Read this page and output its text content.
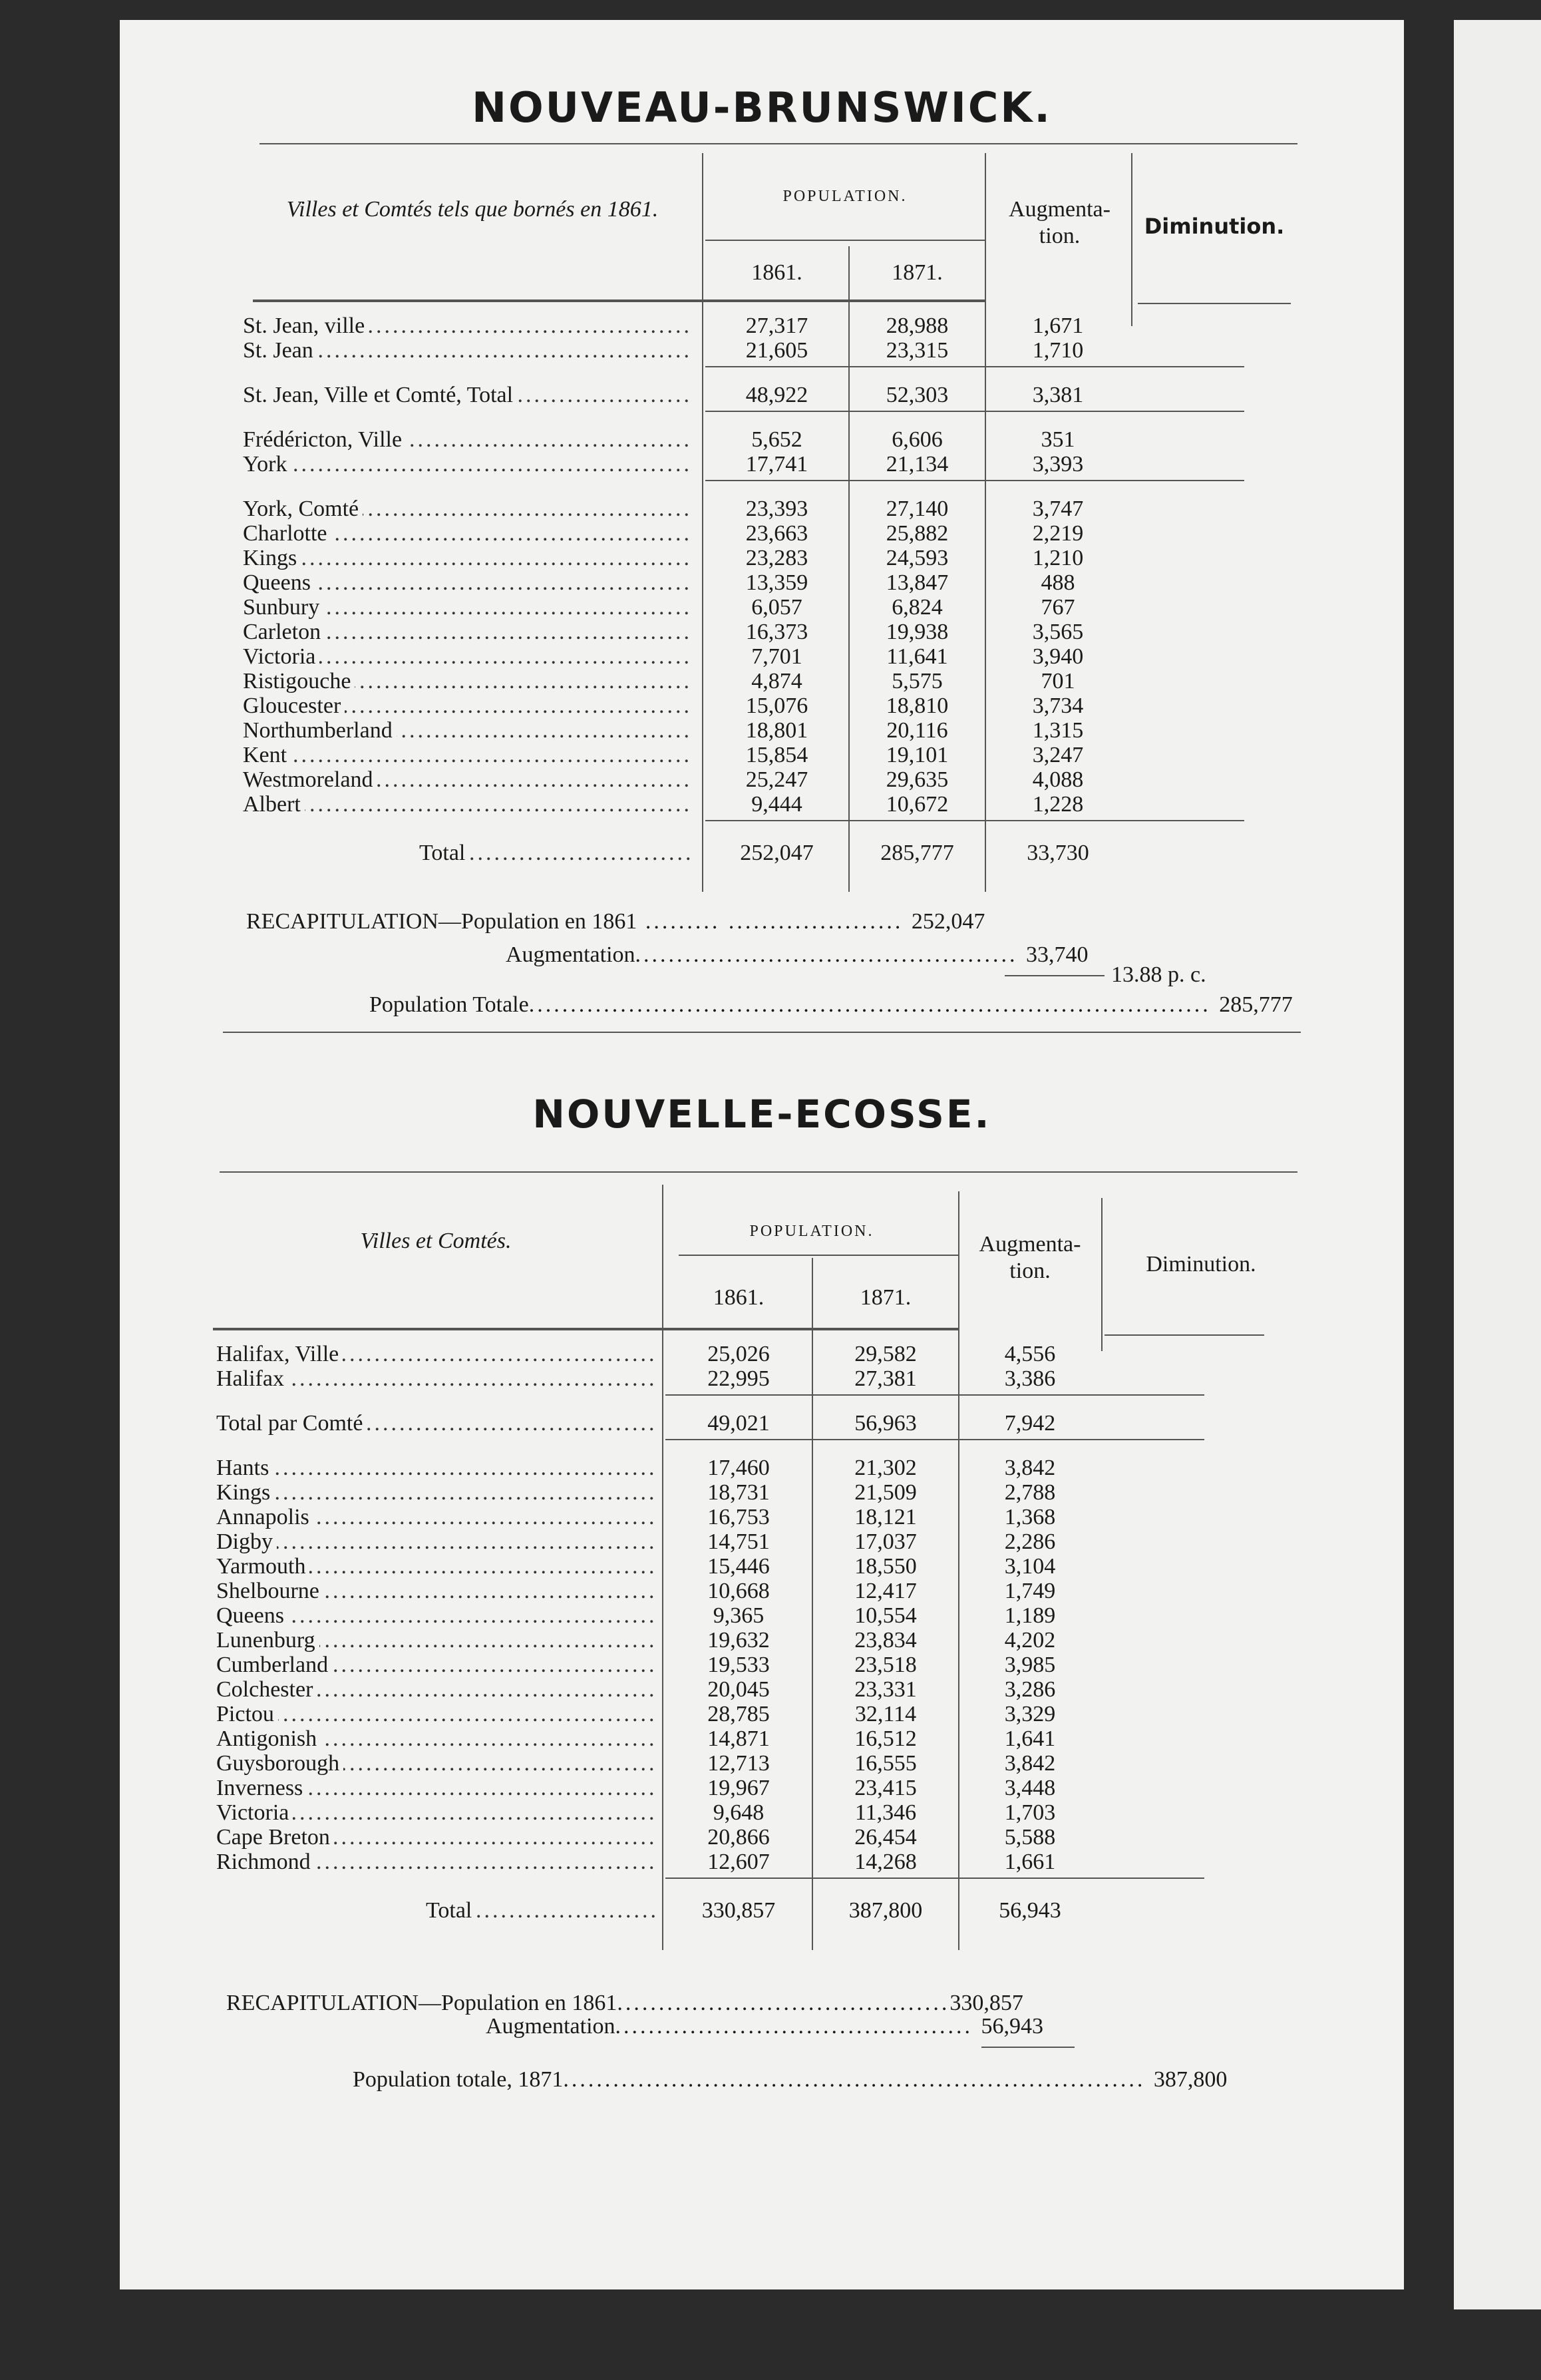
NOUVEAU-BRUNSWICK.
Villes et Comtés tels que bornés en 1861.
POPULATION.
1861.	1871.
Augmenta-
tion.	Diminution.
St. Jean, ville .....	27,317	28,988	1,671
St. Jean .....	21,605	23,315	1,710
St. Jean, Ville et Comté, Total .....	48,922	52,303	3,381
Frédéricton, Ville .....	5,652	6,606	351
York .....	17,741	21,134	3,393
York, Comté .....	23,393	27,140	3,747
Charlotte .....	23,663	25,882	2,219
Kings .....	23,283	24,593	1,210
Queens .....	13,359	13,847	488
Sunbury .....	6,057	6,824	767
Carleton .....	16,373	19,938	3,565
Victoria .....	7,701	11,641	3,940
Ristigouche .....	4,874	5,575	701
Gloucester .....	15,076	18,810	3,734
Northumberland .....	18,801	20,116	1,315
Kent .....	15,854	19,101	3,247
Westmoreland .....	25,247	29,635	4,088
Albert .....	9,444	10,672	1,228
Total .....	252,047	285,777	33,730
RECAPITULATION—Population en 1861 ......... ..................... 252,047
Augmentation.............................................. 33,740
13.88 p. c.
Population Totale.................................................................................. 285,777
NOUVELLE-ECOSSE.
Villes et Comtés.	POPULATION.
1861.	1871.
Augmenta-
tion.	Diminution.
Halifax, Ville .....	25,026	29,582	4,556
Halifax .....	22,995	27,381	3,386
Total par Comté .....	49,021	56,963	7,942
Hants .....	17,460	21,302	3,842
Kings .....	18,731	21,509	2,788
Annapolis .....	16,753	18,121	1,368
Digby .....	14,751	17,037	2,286
Yarmouth .....	15,446	18,550	3,104
Shelbourne .....	10,668	12,417	1,749
Queens .....	9,365	10,554	1,189
Lunenburg .....	19,632	23,834	4,202
Cumberland .....	19,533	23,518	3,985
Colchester .....	20,045	23,331	3,286
Pictou .....	28,785	32,114	3,329
Antigonish .....	14,871	16,512	1,641
Guysborough .....	12,713	16,555	3,842
Inverness .....	19,967	23,415	3,448
Victoria .....	9,648	11,346	1,703
Cape Breton .....	20,866	26,454	5,588
Richmond .....	12,607	14,268	1,661
Total .....	330,857	387,800	56,943
RECAPITULATION—Population en 1861........................................330,857
Augmentation........................................... 56,943
Population totale, 1871...................................................................... 387,800
